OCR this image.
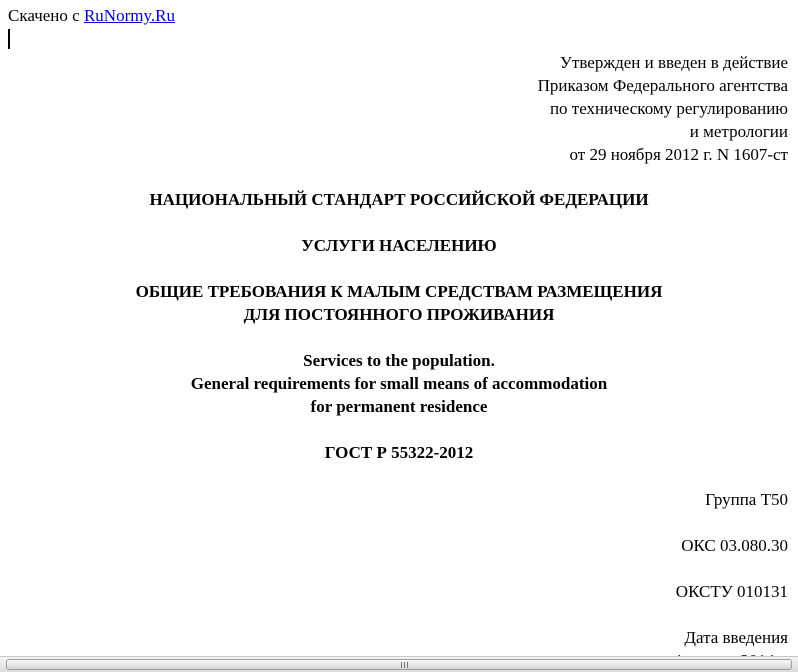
Скачено с RuNormy.Ru
Утвержден и введен в действие
Приказом Федерального агентства
по техническому регулированию
и метрологии
от 29 ноября 2012 г. N 1607-ст
НАЦИОНАЛЬНЫЙ СТАНДАРТ РОССИЙСКОЙ ФЕДЕРАЦИИ
УСЛУГИ НАСЕЛЕНИЮ
ОБЩИЕ ТРЕБОВАНИЯ К МАЛЫМ СРЕДСТВАМ РАЗМЕЩЕНИЯ
ДЛЯ ПОСТОЯННОГО ПРОЖИВАНИЯ
Services to the population.
General requirements for small means of accommodation
for permanent residence
ГОСТ Р 55322-2012
Группа Т50
ОКС 03.080.30
ОКСТУ 010131
Дата введения
